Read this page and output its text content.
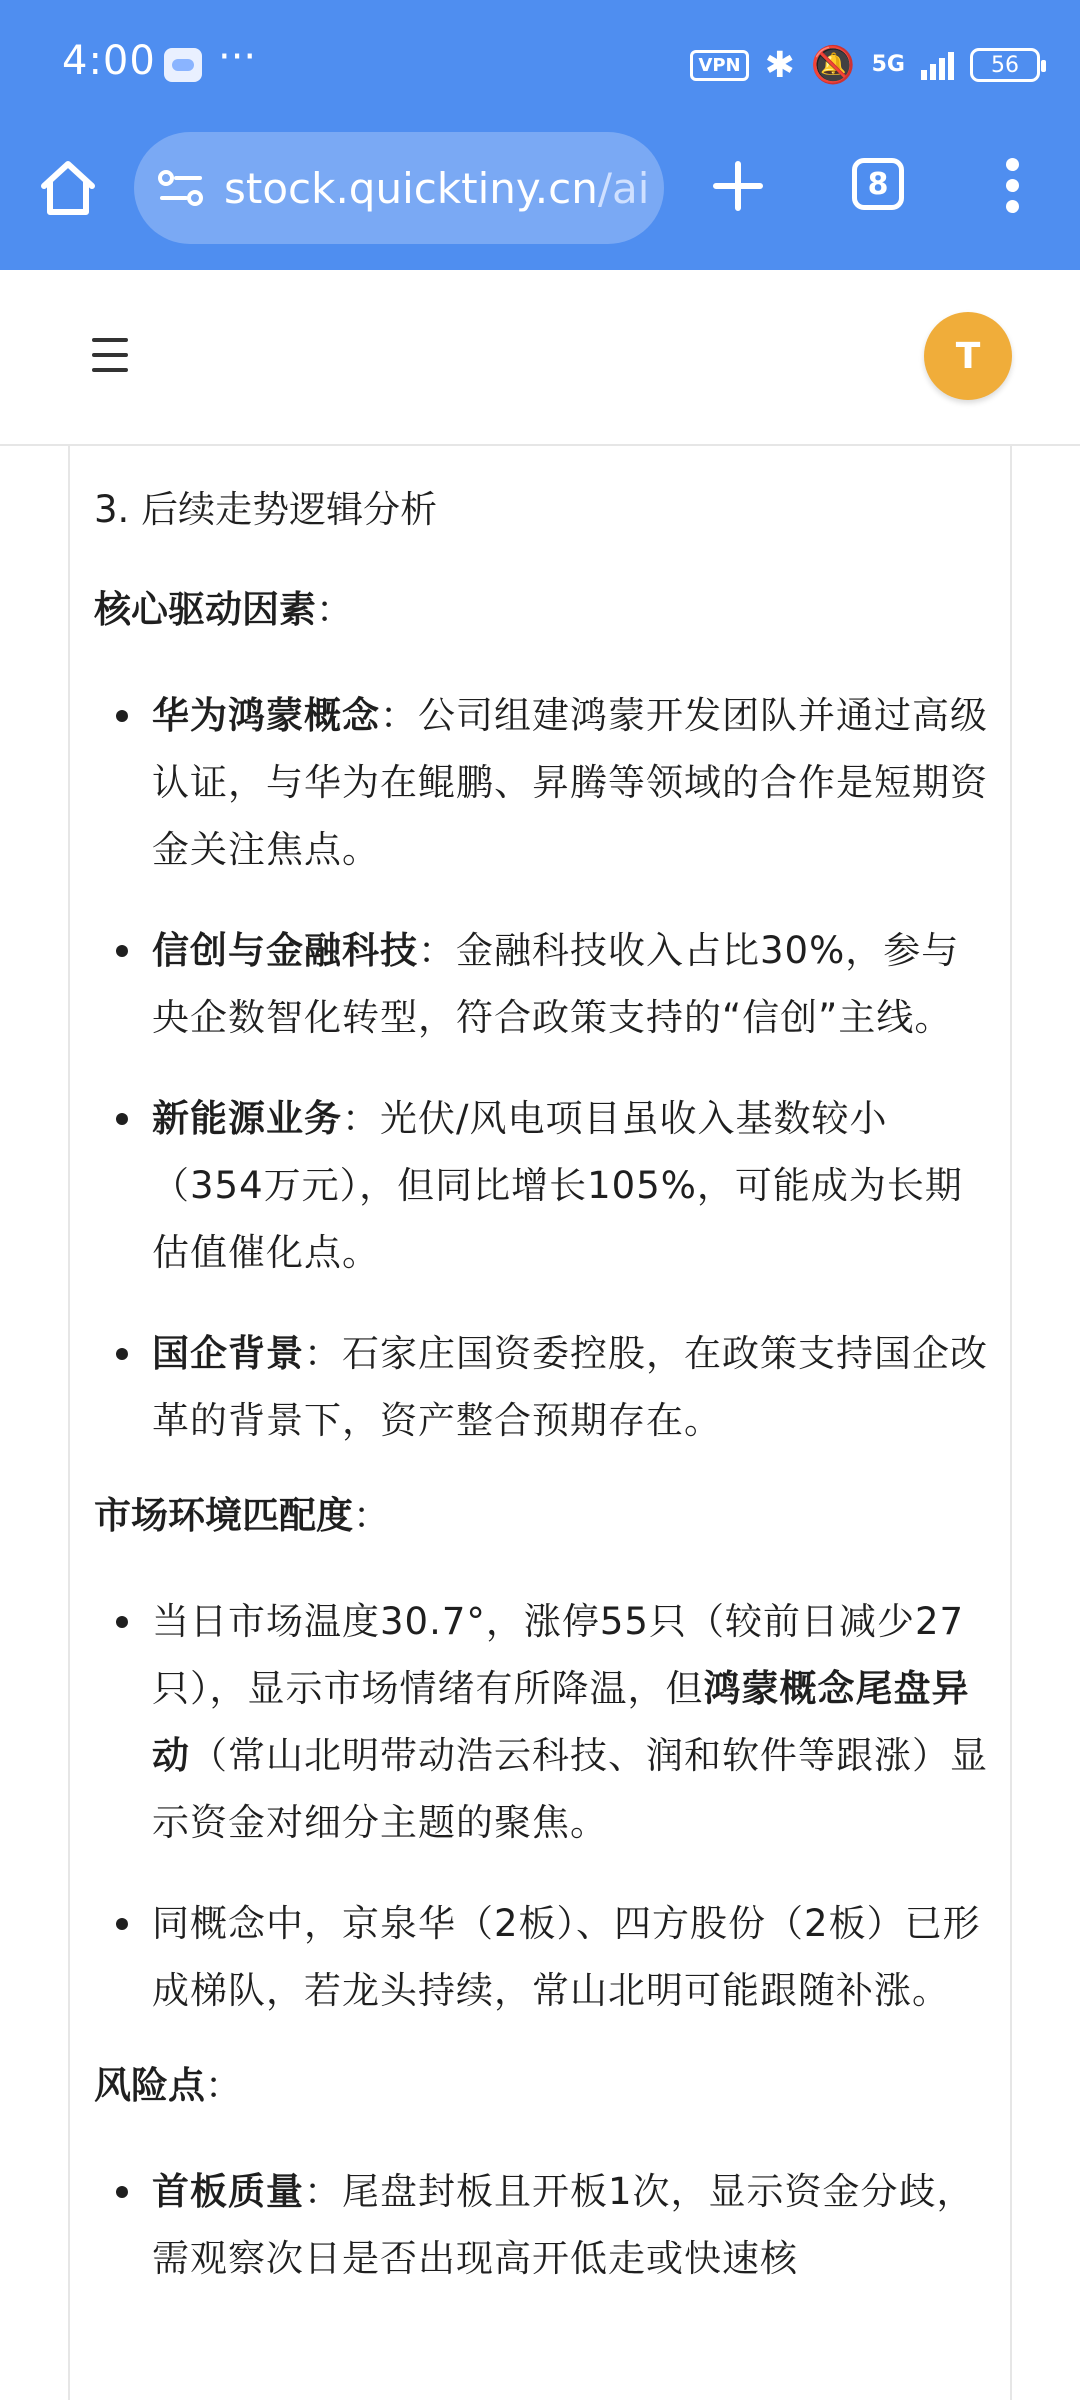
4:00 ···	VPN ✱ 🔕 5G	56
stock.quicktiny.cn/ai	8
T
3. 后续走势逻辑分析
核心驱动因素：
华为鸿蒙概念：公司组建鸿蒙开发团队并通过高级认证，与华为在鲲鹏、昇腾等领域的合作是短期资金关注焦点。
信创与金融科技：金融科技收入占比30%，参与央企数智化转型，符合政策支持的“信创”主线。
新能源业务：光伏/风电项目虽收入基数较小（354万元），但同比增长105%，可能成为长期估值催化点。
国企背景：石家庄国资委控股，在政策支持国企改革的背景下，资产整合预期存在。
市场环境匹配度：
当日市场温度30.7°，涨停55只（较前日减少27只），显示市场情绪有所降温，但鸿蒙概念尾盘异动（常山北明带动浩云科技、润和软件等跟涨）显示资金对细分主题的聚焦。
同概念中，京泉华（2板）、四方股份（2板）已形成梯队，若龙头持续，常山北明可能跟随补涨。
风险点：
首板质量：尾盘封板且开板1次，显示资金分歧，需观察次日是否出现高开低走或快速核
